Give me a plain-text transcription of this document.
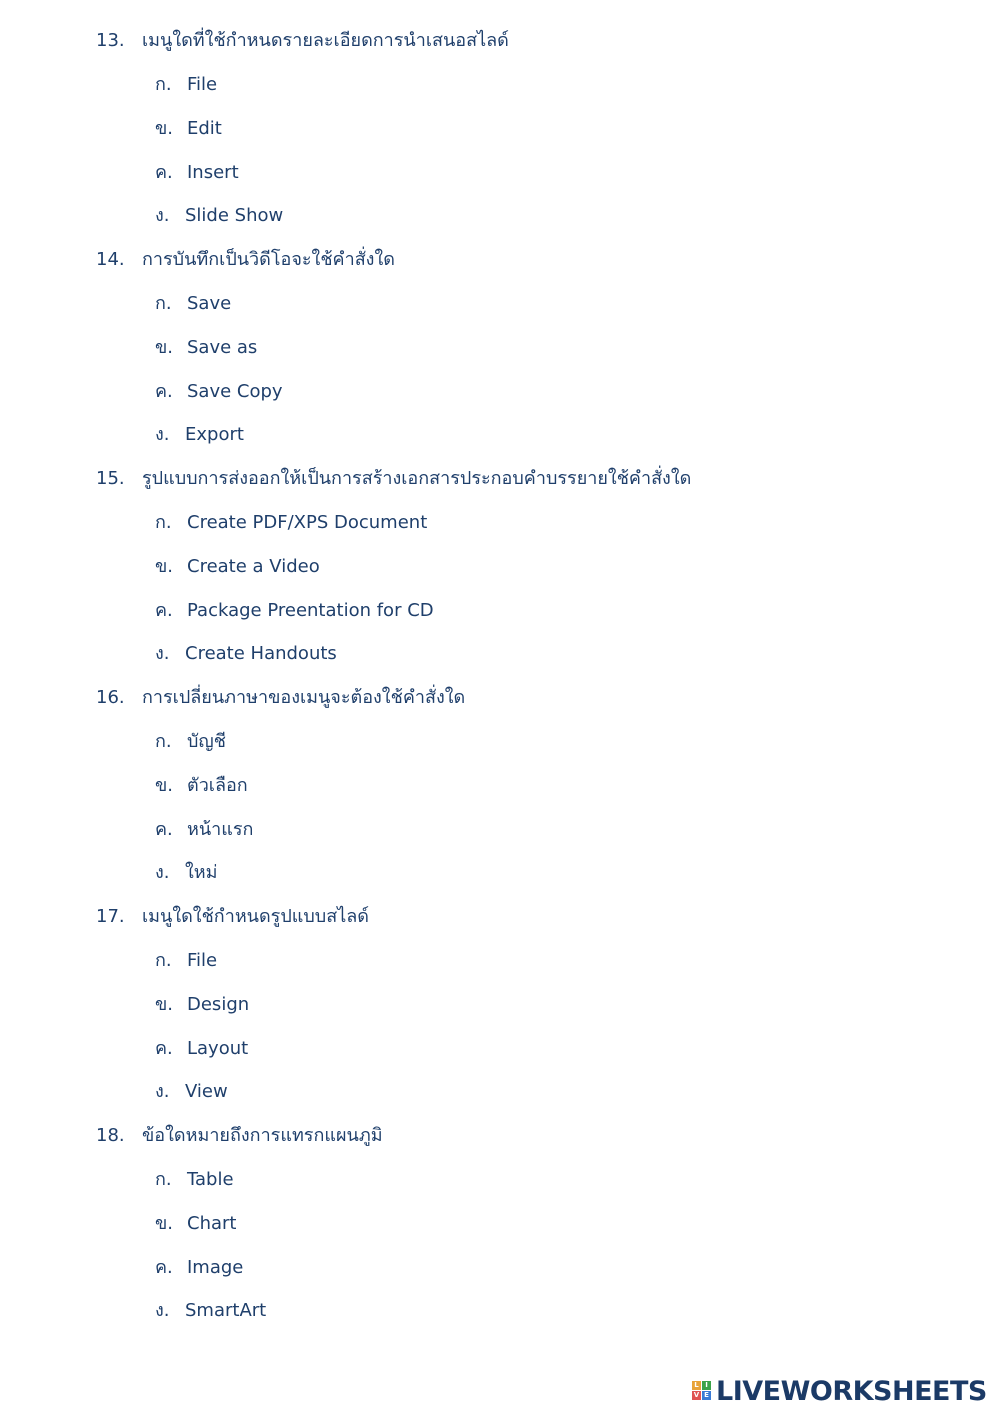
13. เมนูใดที่ใช้กำหนดรายละเอียดการนำเสนอสไลด์
ก. File
ข. Edit
ค. Insert
ง. Slide Show
14. การบันทึกเป็นวิดีโอจะใช้คำสั่งใด
ก. Save
ข. Save as
ค. Save Copy
ง. Export
15. รูปแบบการส่งออกให้เป็นการสร้างเอกสารประกอบคำบรรยายใช้คำสั่งใด
ก. Create PDF/XPS Document
ข. Create a Video
ค. Package Preentation for CD
ง. Create Handouts
16. การเปลี่ยนภาษาของเมนูจะต้องใช้คำสั่งใด
ก. บัญชี
ข. ตัวเลือก
ค. หน้าแรก
ง. ใหม่
17. เมนูใดใช้กำหนดรูปแบบสไลด์
ก. File
ข. Design
ค. Layout
ง. View
18. ข้อใดหมายถึงการแทรกแผนภูมิ
ก. Table
ข. Chart
ค. Image
ง. SmartArt
L I
V E LIVEWORKSHEETS
